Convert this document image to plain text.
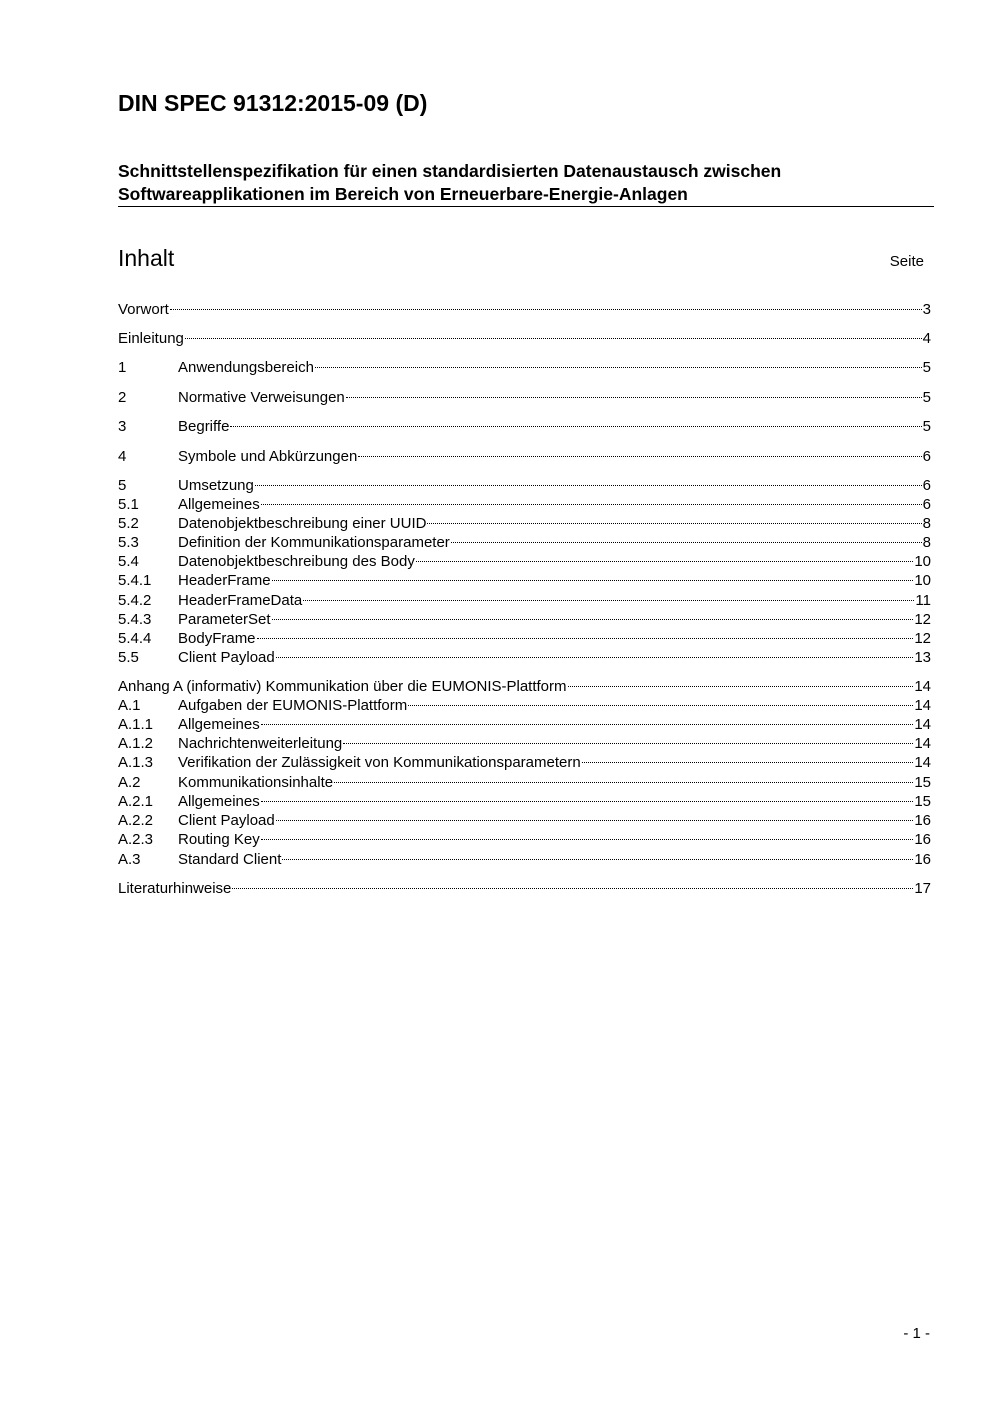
DIN SPEC 91312:2015-09 (D)
Schnittstellenspezifikation für einen standardisierten Datenaustausch zwischen
Softwareapplikationen im Bereich von Erneuerbare-Energie-Anlagen
Inhalt	Seite
Vorwort	3
Einleitung	4
1	Anwendungsbereich	5
2	Normative Verweisungen	5
3	Begriffe	5
4	Symbole und Abkürzungen	6
5	Umsetzung	6
5.1	Allgemeines	6
5.2	Datenobjektbeschreibung einer UUID	8
5.3	Definition der Kommunikationsparameter	8
5.4	Datenobjektbeschreibung des Body	10
5.4.1	HeaderFrame	10
5.4.2	HeaderFrameData	11
5.4.3	ParameterSet	12
5.4.4	BodyFrame	12
5.5	Client Payload	13
Anhang A (informativ) Kommunikation über die EUMONIS-Plattform	14
A.1	Aufgaben der EUMONIS-Plattform	14
A.1.1	Allgemeines	14
A.1.2	Nachrichtenweiterleitung	14
A.1.3	Verifikation der Zulässigkeit von Kommunikationsparametern	14
A.2	Kommunikationsinhalte	15
A.2.1	Allgemeines	15
A.2.2	Client Payload	16
A.2.3	Routing Key	16
A.3	Standard Client	16
Literaturhinweise	17
- 1 -
